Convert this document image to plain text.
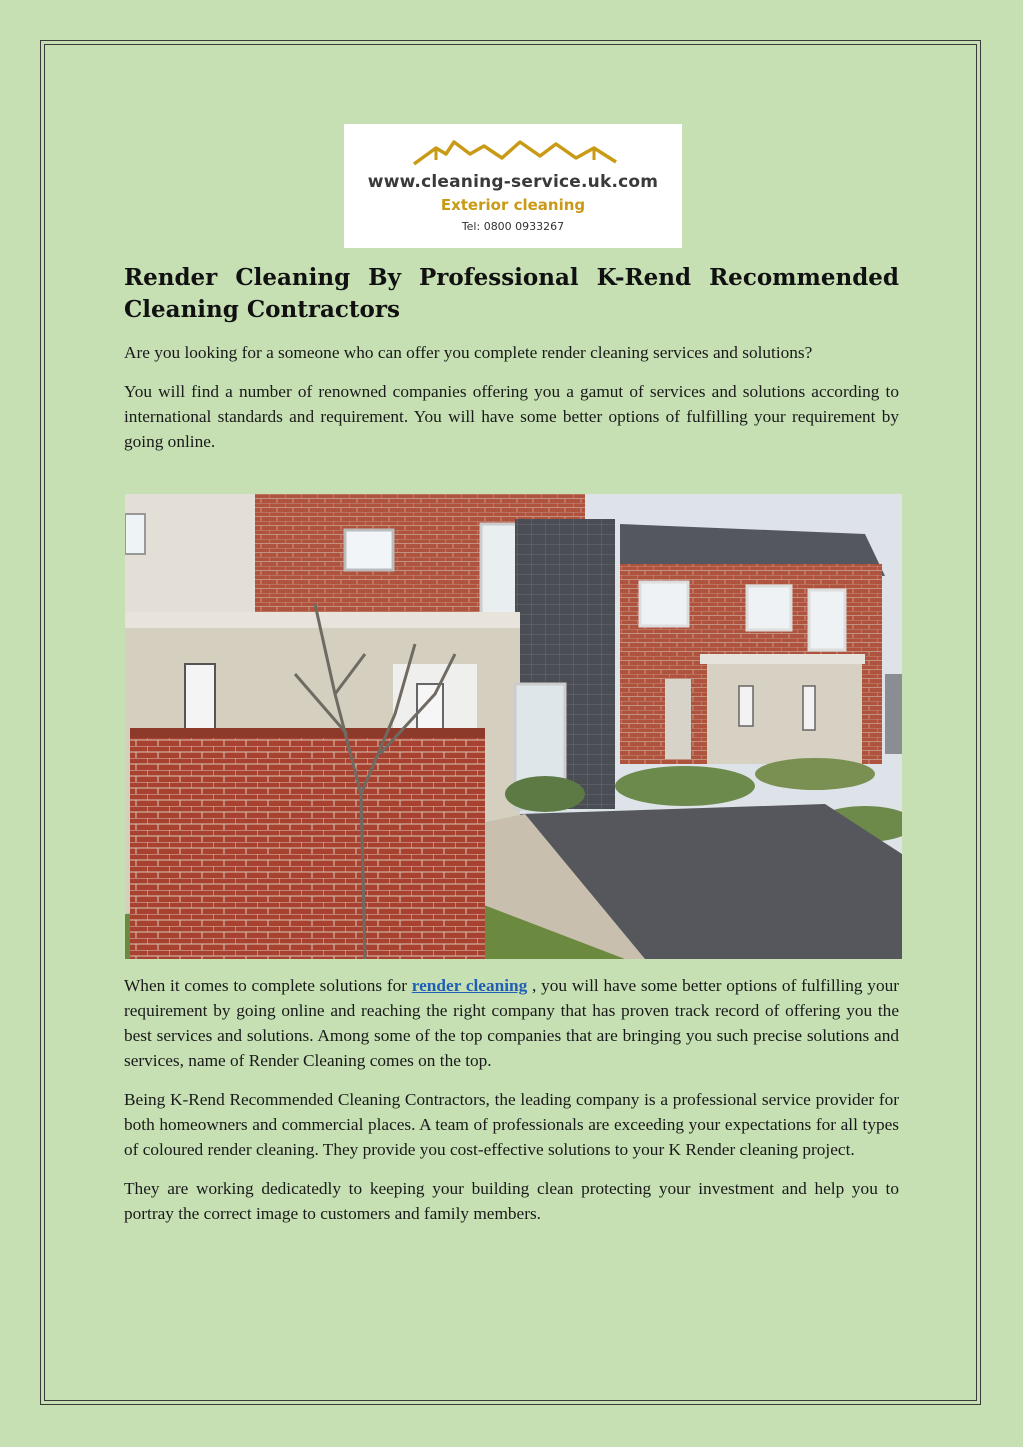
www.cleaning-service.uk.com
Exterior cleaning
Tel: 0800 0933267
Render Cleaning By Professional K-Rend Recommended Cleaning Contractors

Are you looking for a someone who can offer you complete render cleaning services and solutions?

You will find a number of renowned companies offering you a gamut of services and solutions according to international standards and requirement. You will have some better options of fulfilling your requirement by going online.

When it comes to complete solutions for render cleaning , you will have some better options of fulfilling your requirement by going online and reaching the right company that has proven track record of offering you the best services and solutions. Among some of the top companies that are bringing you such precise solutions and services, name of Render Cleaning comes on the top.

Being K-Rend Recommended Cleaning Contractors, the leading company is a professional service provider for both homeowners and commercial places. A team of professionals are exceeding your expectations for all types of coloured render cleaning. They provide you cost-effective solutions to your K Render cleaning project.

They are working dedicatedly to keeping your building clean protecting your investment and help you to portray the correct image to customers and family members.
